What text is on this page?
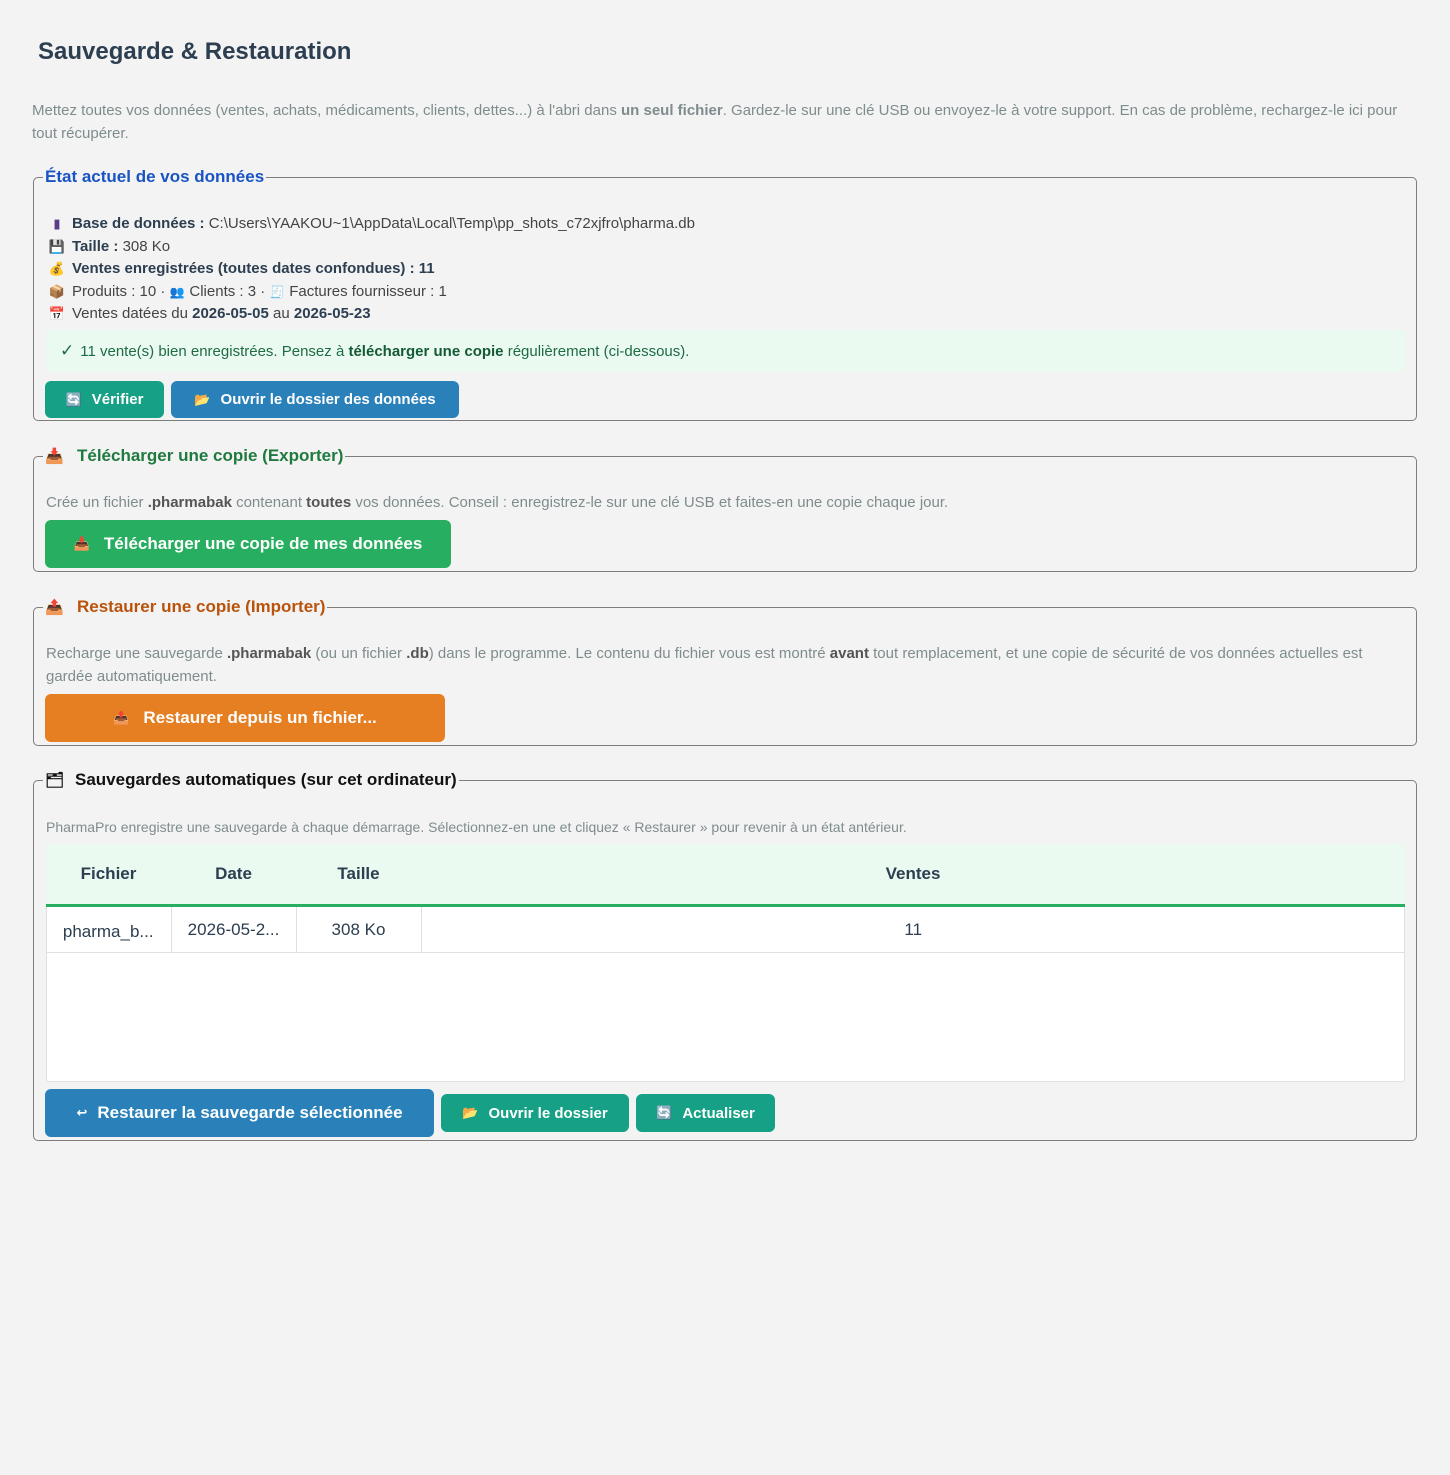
Sauvegarde & Restauration
Mettez toutes vos données (ventes, achats, médicaments, clients, dettes...) à l'abri dans un seul fichier. Gardez-le sur une clé USB ou envoyez-le à votre support. En cas de problème, rechargez-le ici pour tout récupérer.
État actuel de vos données
▮ Base de données : C:\Users\YAAKOU~1\AppData\Local\Temp\pp_shots_c72xjfro\pharma.db
💾 Taille : 308 Ko
💰 Ventes enregistrées (toutes dates confondues) : 11
📦 Produits : 10 · 👥 Clients : 3 · 🧾 Factures fournisseur : 1
📅 Ventes datées du 2026-05-05 au 2026-05-23
✓ 11 vente(s) bien enregistrées. Pensez à
télécharger une copie
régulièrement (ci-dessous).
🔄 Vérifier	📂 Ouvrir le dossier des données
📥 Télécharger une copie (Exporter)
Crée un fichier .pharmabak contenant toutes vos données. Conseil : enregistrez-le sur une clé USB et faites-en une copie chaque jour.
📥 Télécharger une copie de mes données
📤 Restaurer une copie (Importer)
Recharge une sauvegarde .pharmabak (ou un fichier .db) dans le programme. Le contenu du fichier vous est montré avant tout remplacement, et une copie de sécurité de vos données actuelles est gardée automatiquement.
📤 Restaurer depuis un fichier...
🗂 Sauvegardes automatiques (sur cet ordinateur)
PharmaPro enregistre une sauvegarde à chaque démarrage. Sélectionnez-en une et cliquez « Restaurer » pour revenir à un état antérieur.
Fichier	Date	Taille	Ventes
pharma_b...	2026-05-2...	308 Ko	11
↩ Restaurer la sauvegarde sélectionnée	📂 Ouvrir le dossier	🔄 Actualiser
